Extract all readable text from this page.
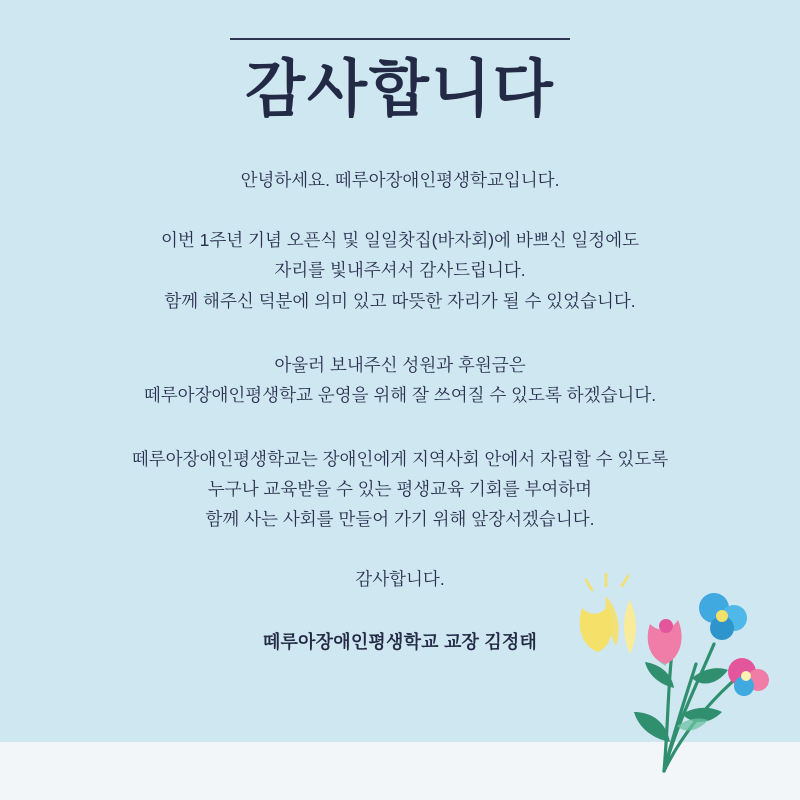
감사합니다
안녕하세요. 떼루아장애인평생학교입니다.
이번 1주년 기념 오픈식 및 일일찻집(바자회)에 바쁘신 일정에도
자리를 빛내주셔서 감사드립니다.
함께 해주신 덕분에 의미 있고 따뜻한 자리가 될 수 있었습니다.
아울러 보내주신 성원과 후원금은
떼루아장애인평생학교 운영을 위해 잘 쓰여질 수 있도록 하겠습니다.
떼루아장애인평생학교는 장애인에게 지역사회 안에서 자립할 수 있도록
누구나 교육받을 수 있는 평생교육 기회를 부여하며
함께 사는 사회를 만들어 가기 위해 앞장서겠습니다.
감사합니다.
떼루아장애인평생학교 교장 김정태
